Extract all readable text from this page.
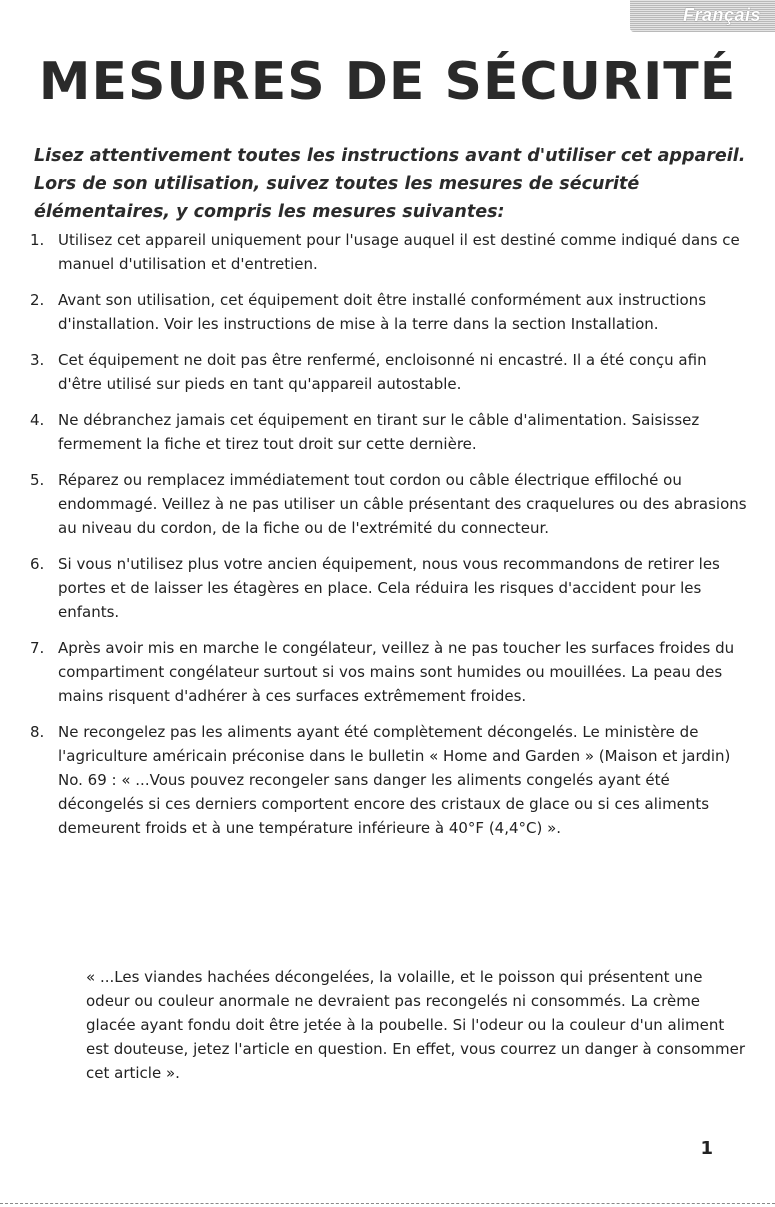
Français
MESURES DE SÉCURITÉ
Lisez attentivement toutes les instructions avant d'utiliser cet appareil. Lors de son utilisation, suivez toutes les mesures de sécurité élémentaires, y compris les mesures suivantes:
1. Utilisez cet appareil uniquement pour l'usage auquel il est destiné comme indiqué dans ce manuel d'utilisation et d'entretien.
2. Avant son utilisation, cet équipement doit être installé conformément aux instructions d'installation. Voir les instructions de mise à la terre dans la section Installation.
3. Cet équipement ne doit pas être renfermé, encloisonné ni encastré. Il a été conçu afin d'être utilisé sur pieds en tant qu'appareil autostable.
4. Ne débranchez jamais cet équipement en tirant sur le câble d'alimentation. Saisissez fermement la fiche et tirez tout droit sur cette dernière.
5. Réparez ou remplacez immédiatement tout cordon ou câble électrique effiloché ou endommagé. Veillez à ne pas utiliser un câble présentant des craquelures ou des abrasions au niveau du cordon, de la fiche ou de l'extrémité du connecteur.
6. Si vous n'utilisez plus votre ancien équipement, nous vous recommandons de retirer les portes et de laisser les étagères en place. Cela réduira les risques d'accident pour les enfants.
7. Après avoir mis en marche le congélateur, veillez à ne pas toucher les surfaces froides du compartiment congélateur surtout si vos mains sont humides ou mouillées. La peau des mains risquent d'adhérer à ces surfaces extrêmement froides.
8. Ne recongelez pas les aliments ayant été complètement décongelés. Le ministère de l'agriculture américain préconise dans le bulletin « Home and Garden » (Maison et jardin) No. 69 : « ...Vous pouvez recongeler sans danger les aliments congelés ayant été décongelés si ces derniers comportent encore des cristaux de glace ou si ces aliments demeurent froids et à une température inférieure à 40°F (4,4°C) ».
« ...Les viandes hachées décongelées, la volaille, et le poisson qui présentent une odeur ou couleur anormale ne devraient pas recongelés ni consommés. La crème glacée ayant fondu doit être jetée à la poubelle. Si l'odeur ou la couleur d'un aliment est douteuse, jetez l'article en question. En effet, vous courrez un danger à consommer cet article ».
1
